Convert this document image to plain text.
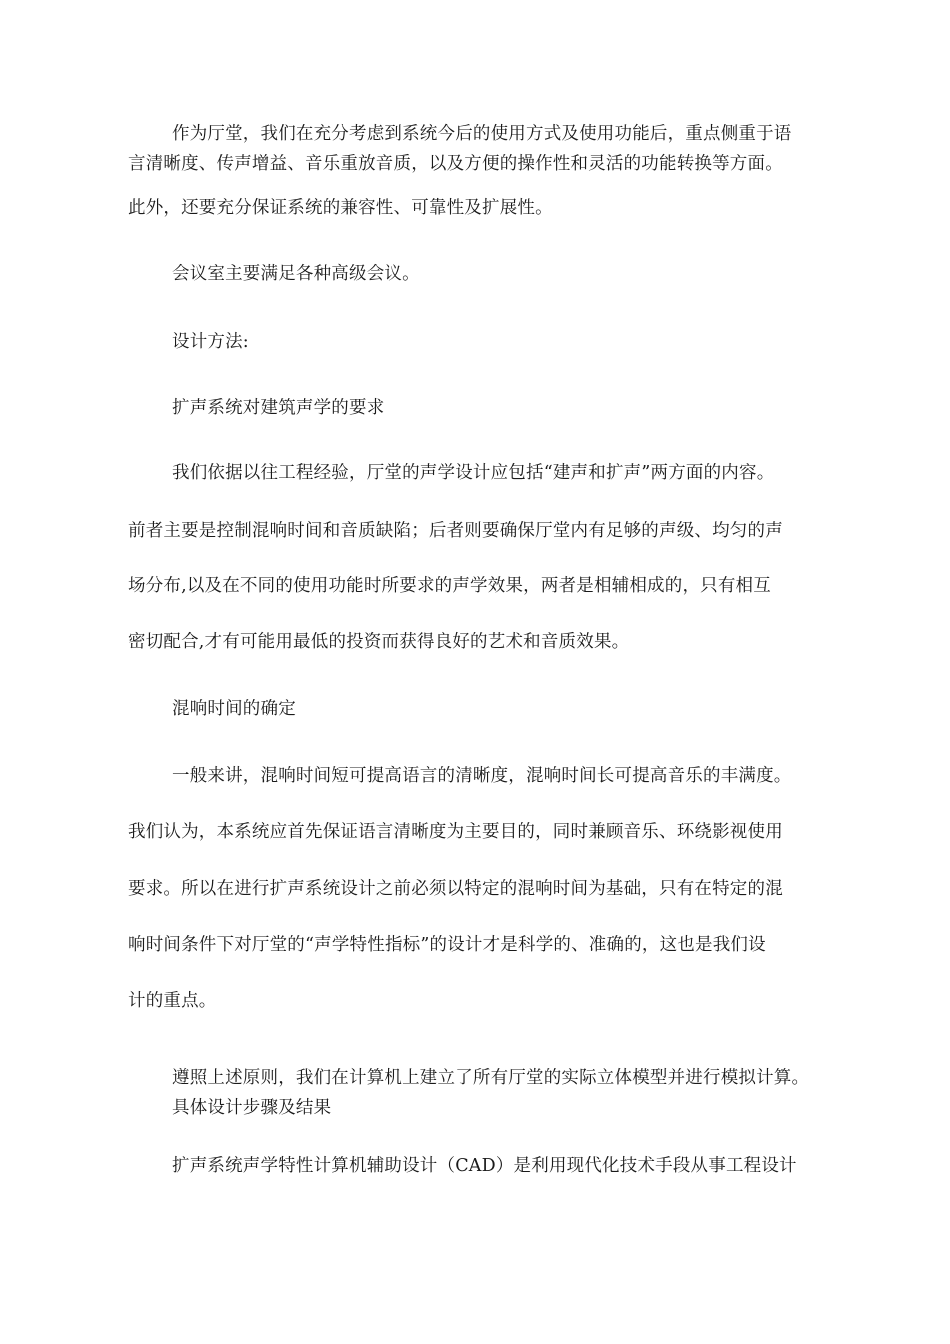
作为厅堂，我们在充分考虑到系统今后的使用方式及使用功能后，重点侧重于语

言清晰度、传声增益、音乐重放音质，以及方便的操作性和灵活的功能转换等方面。

此外，还要充分保证系统的兼容性、可靠性及扩展性。

会议室主要满足各种高级会议。

设计方法:

扩声系统对建筑声学的要求

我们依据以往工程经验，厅堂的声学设计应包括“建声和扩声”两方面的内容。

前者主要是控制混响时间和音质缺陷；后者则要确保厅堂内有足够的声级、均匀的声

场分布,以及在不同的使用功能时所要求的声学效果，两者是相辅相成的，只有相互

密切配合,才有可能用最低的投资而获得良好的艺术和音质效果。

混响时间的确定

一般来讲，混响时间短可提高语言的清晰度，混响时间长可提高音乐的丰满度。

我们认为，本系统应首先保证语言清晰度为主要目的，同时兼顾音乐、环绕影视使用

要求。所以在进行扩声系统设计之前必须以特定的混响时间为基础，只有在特定的混

响时间条件下对厅堂的“声学特性指标”的设计才是科学的、准确的，这也是我们设

计的重点。

遵照上述原则，我们在计算机上建立了所有厅堂的实际立体模型并进行模拟计算。

具体设计步骤及结果

扩声系统声学特性计算机辅助设计（CAD）是利用现代化技术手段从事工程设计
